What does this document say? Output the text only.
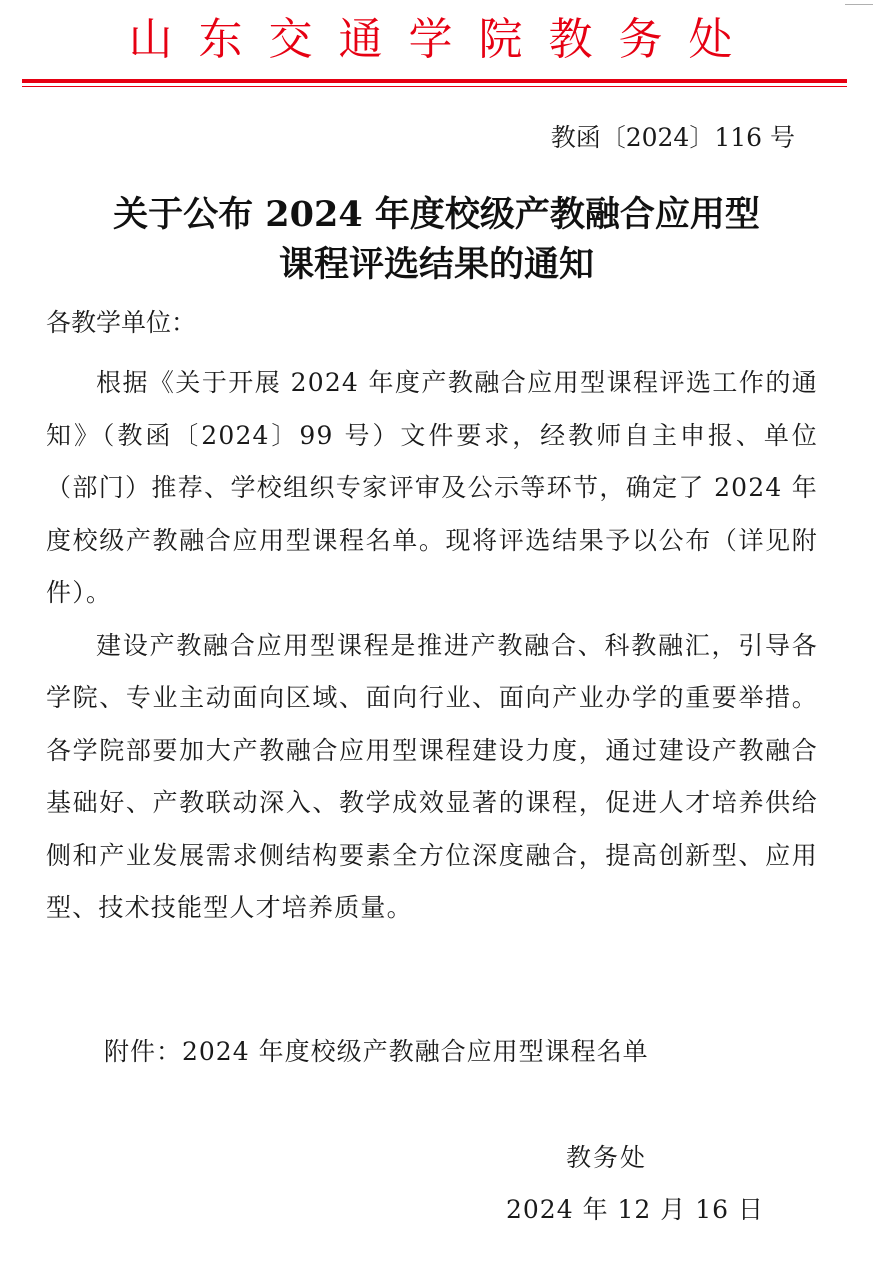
山东交通学院教务处
教函〔2024〕116 号
关于公布 2024 年度校级产教融合应用型
课程评选结果的通知
各教学单位：

根据《关于开展 2024 年度产教融合应用型课程评选工作的通知》（教函〔2024〕99 号）文件要求，经教师自主申报、单位（部门）推荐、学校组织专家评审及公示等环节，确定了 2024 年度校级产教融合应用型课程名单。现将评选结果予以公布（详见附件）。

建设产教融合应用型课程是推进产教融合、科教融汇，引导各学院、专业主动面向区域、面向行业、面向产业办学的重要举措。各学院部要加大产教融合应用型课程建设力度，通过建设产教融合基础好、产教联动深入、教学成效显著的课程，促进人才培养供给侧和产业发展需求侧结构要素全方位深度融合，提高创新型、应用型、技术技能型人才培养质量。

附件：2024 年度校级产教融合应用型课程名单
教务处
2024 年 12 月 16 日
